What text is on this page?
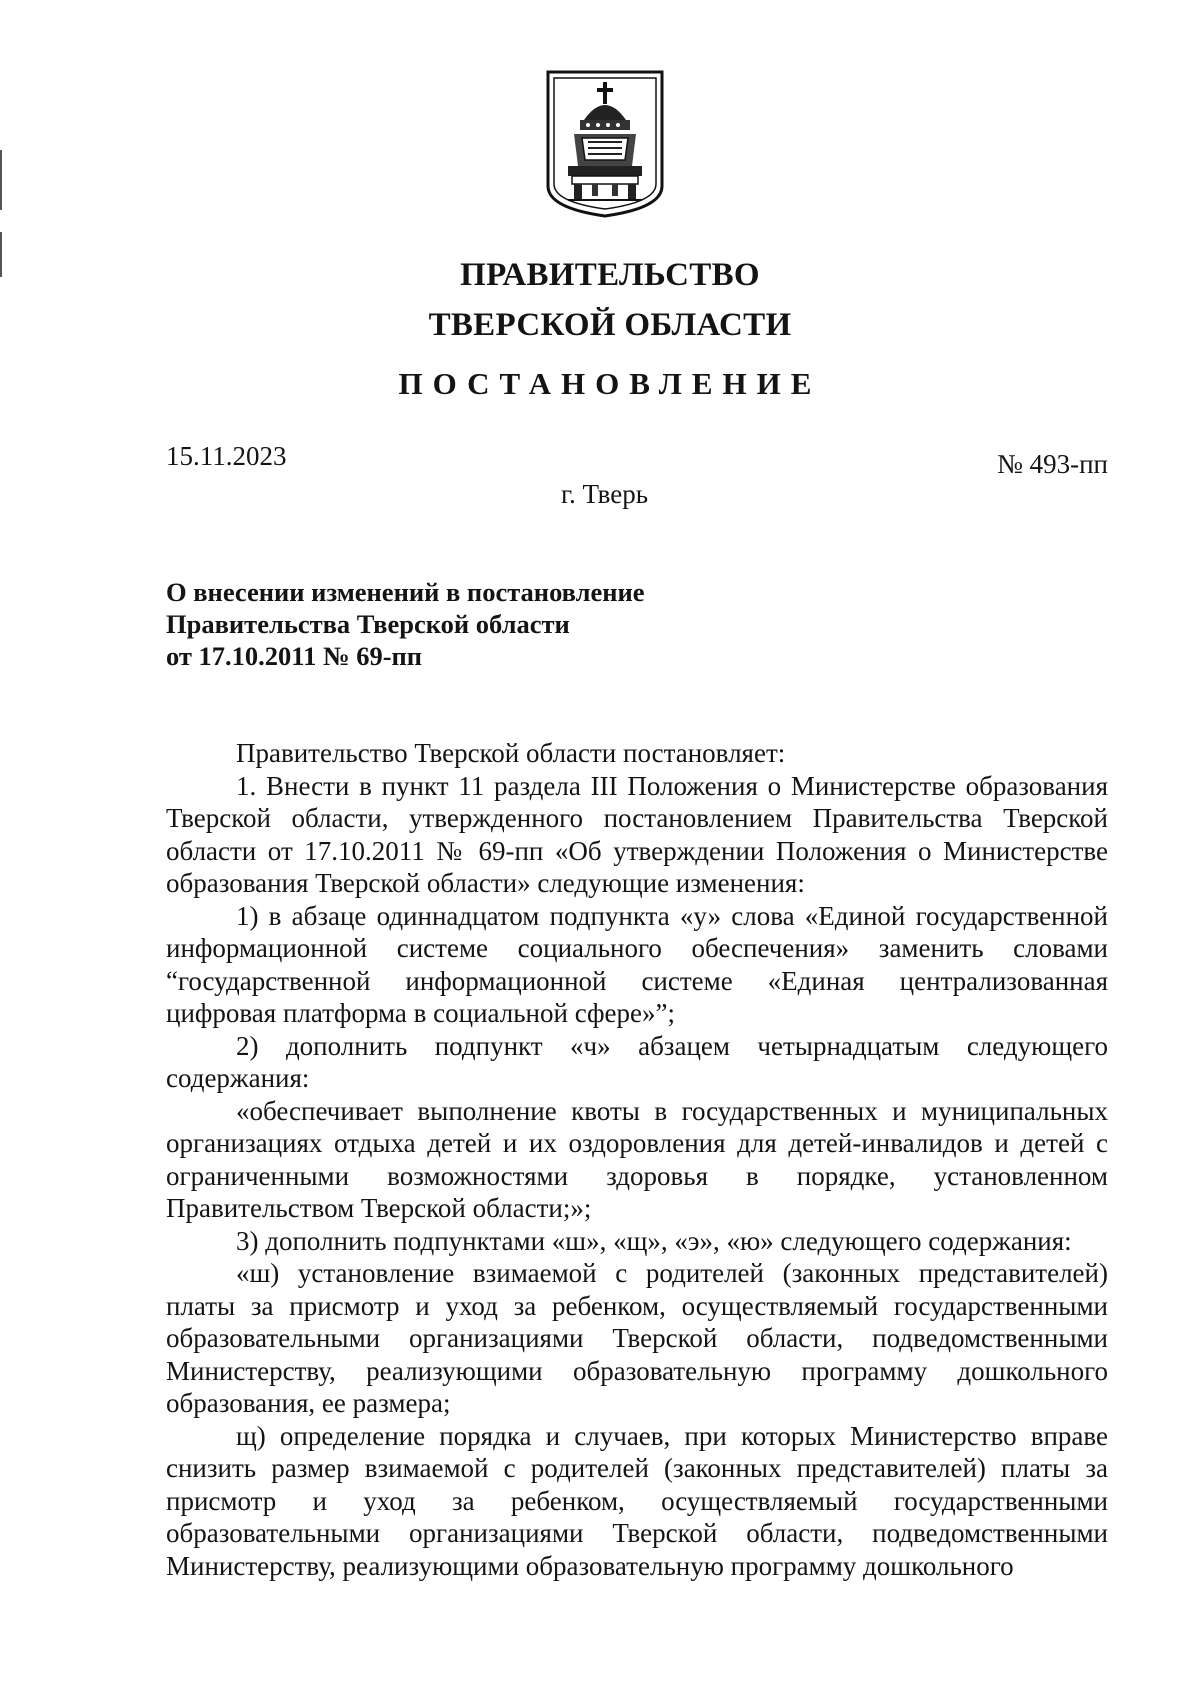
ПРАВИТЕЛЬСТВО
ТВЕРСКОЙ ОБЛАСТИ
ПОСТАНОВЛЕНИЕ
15.11.2023	№ 493-пп
г. Тверь
О внесении изменений в постановление
Правительства Тверской области
от 17.10.2011 № 69-пп

Правительство Тверской области постановляет:

1. Внести в пункт 11 раздела III Положения о Министерстве образования Тверской области, утвержденного постановлением Правительства Тверской области от 17.10.2011 № 69-пп «Об утверждении Положения о Министерстве образования Тверской области» следующие изменения:

1) в абзаце одиннадцатом подпункта «у» слова «Единой государственной информационной системе социального обеспечения» заменить словами “государственной информационной системе «Единая централизованная цифровая платформа в социальной сфере»”;

2) дополнить подпункт «ч» абзацем четырнадцатым следующего содержания:

«обеспечивает выполнение квоты в государственных и муниципальных организациях отдыха детей и их оздоровления для детей-инвалидов и детей с ограниченными возможностями здоровья в порядке, установленном Правительством Тверской области;»;

3) дополнить подпунктами «ш», «щ», «э», «ю» следующего содержания:

«ш) установление взимаемой с родителей (законных представителей) платы за присмотр и уход за ребенком, осуществляемый государственными образовательными организациями Тверской области, подведомственными Министерству, реализующими образовательную программу дошкольного образования, ее размера;

щ) определение порядка и случаев, при которых Министерство вправе снизить размер взимаемой с родителей (законных представителей) платы за присмотр и уход за ребенком, осуществляемый государственными образовательными организациями Тверской области, подведомственными Министерству, реализующими образовательную программу дошкольного
